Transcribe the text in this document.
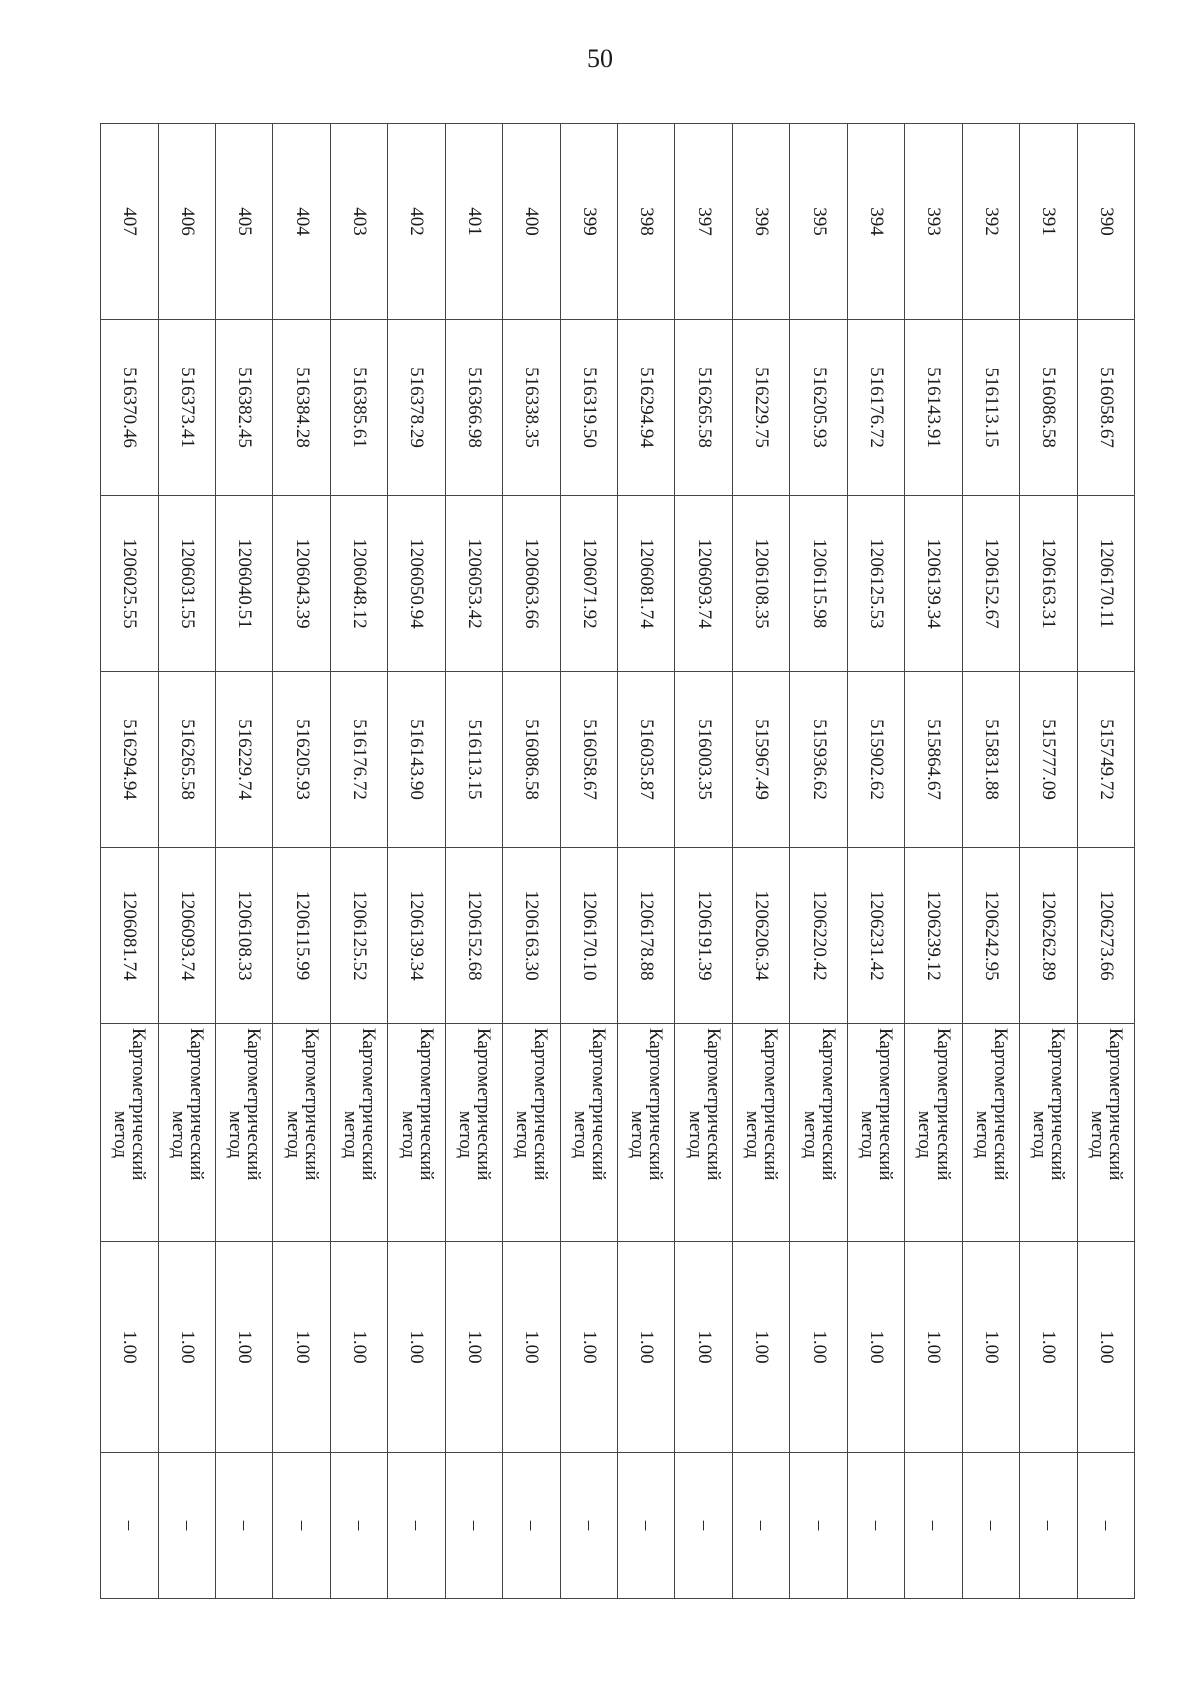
50
390	516058.67	1206170.11	515749.72	1206273.66	Картометрический
метод	1.00	–
391	516086.58	1206163.31	515777.09	1206262.89	Картометрический
метод	1.00	–
392	516113.15	1206152.67	515831.88	1206242.95	Картометрический
метод	1.00	–
393	516143.91	1206139.34	515864.67	1206239.12	Картометрический
метод	1.00	–
394	516176.72	1206125.53	515902.62	1206231.42	Картометрический
метод	1.00	–
395	516205.93	1206115.98	515936.62	1206220.42	Картометрический
метод	1.00	–
396	516229.75	1206108.35	515967.49	1206206.34	Картометрический
метод	1.00	–
397	516265.58	1206093.74	516003.35	1206191.39	Картометрический
метод	1.00	–
398	516294.94	1206081.74	516035.87	1206178.88	Картометрический
метод	1.00	–
399	516319.50	1206071.92	516058.67	1206170.10	Картометрический
метод	1.00	–
400	516338.35	1206063.66	516086.58	1206163.30	Картометрический
метод	1.00	–
401	516366.98	1206053.42	516113.15	1206152.68	Картометрический
метод	1.00	–
402	516378.29	1206050.94	516143.90	1206139.34	Картометрический
метод	1.00	–
403	516385.61	1206048.12	516176.72	1206125.52	Картометрический
метод	1.00	–
404	516384.28	1206043.39	516205.93	1206115.99	Картометрический
метод	1.00	–
405	516382.45	1206040.51	516229.74	1206108.33	Картометрический
метод	1.00	–
406	516373.41	1206031.55	516265.58	1206093.74	Картометрический
метод	1.00	–
407	516370.46	1206025.55	516294.94	1206081.74	Картометрический
метод	1.00	–
